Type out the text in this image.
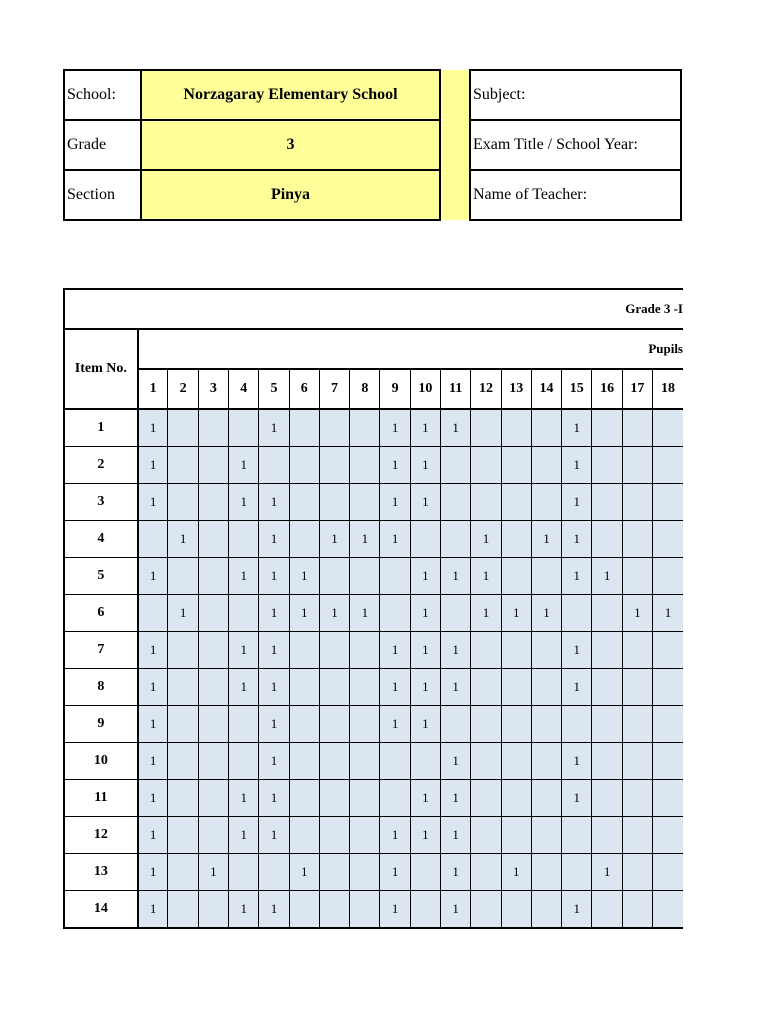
School:	Norzagaray Elementary School		Subject:
Grade	3		Exam Title / School Year:
Section	Pinya		Name of Teacher:
Grade 3 -I																		
Item No.	Pupils																	
	1	2	3	4	5	6	7	8	9	10	11	12	13	14	15	16	17	18
1	1				1				1	1	1				1			
2	1			1					1	1					1			
3	1			1	1				1	1					1			
4		1			1		1	1	1			1		1	1			
5	1			1	1	1				1	1	1			1	1		
6		1			1	1	1	1		1		1	1	1			1	1
7	1			1	1				1	1	1				1			
8	1			1	1				1	1	1				1			
9	1				1				1	1								
10	1				1						1				1			
11	1			1	1					1	1				1			
12	1			1	1				1	1	1							
13	1		1			1			1		1		1			1		
14	1			1	1				1		1				1			
